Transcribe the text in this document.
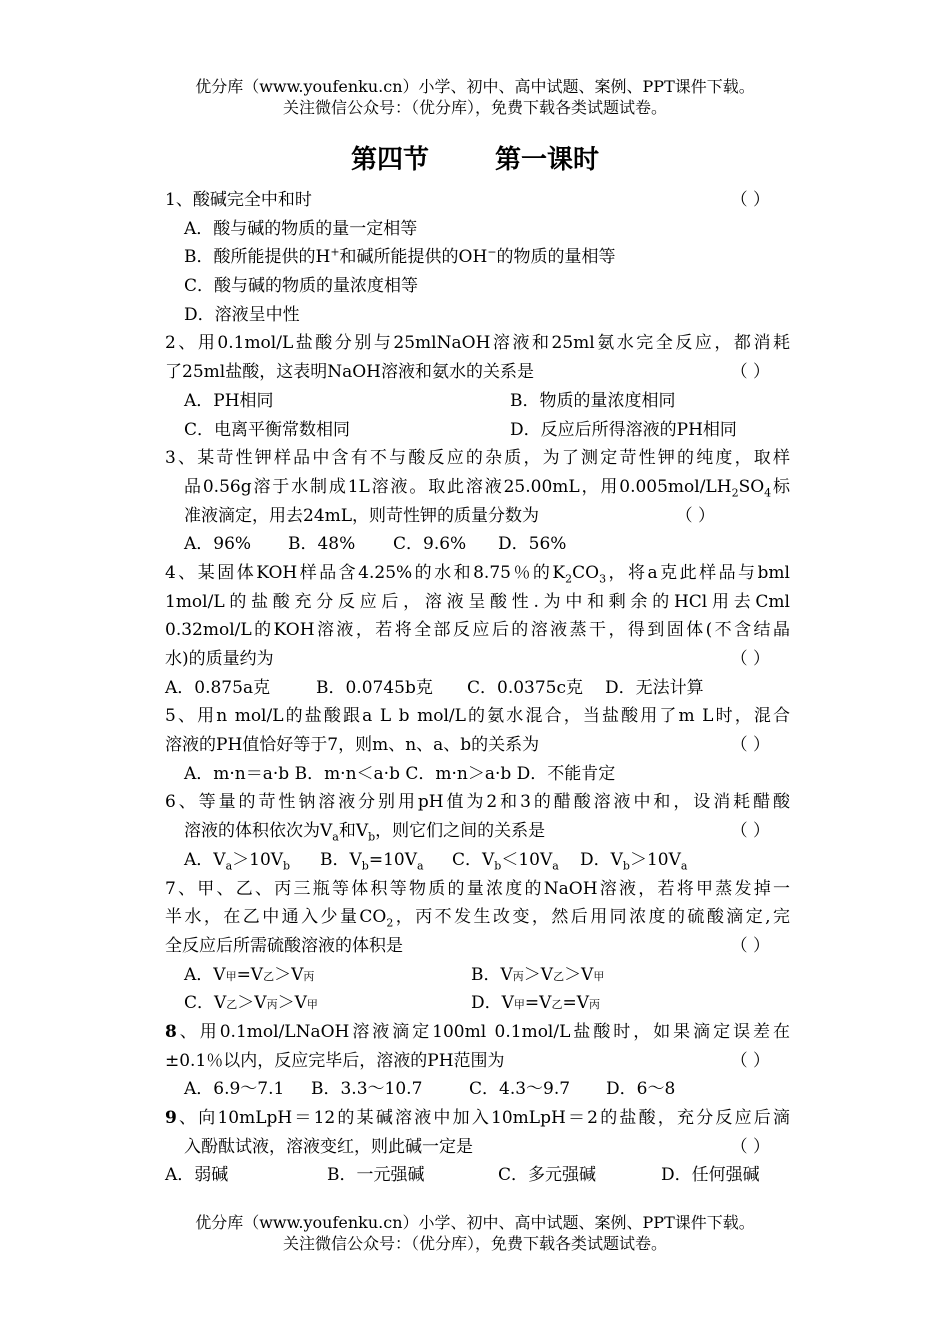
优分库（www.youfenku.cn）小学、初中、高中试题、案例、PPT课件下载。
关注微信公众号：（优分库），免费下载各类试题试卷。
第四节	第一课时
1、酸碱完全中和时	（ ）
A．酸与碱的物质的量一定相等
B．酸所能提供的H+和碱所能提供的OH−的物质的量相等
C．酸与碱的物质的量浓度相等
D．溶液呈中性
2、用0.1mol/L盐酸分别与25mlNaOH溶液和25ml氨水完全反应，都消耗
了25ml盐酸，这表明NaOH溶液和氨水的关系是	（ ）
A．PH相同	B．物质的量浓度相同
C．电离平衡常数相同	D．反应后所得溶液的PH相同
3、某苛性钾样品中含有不与酸反应的杂质，为了测定苛性钾的纯度，取样
品0.56g溶于水制成1L溶液。取此溶液25.00mL，用$0.005mol/LH_2SO_4$标
准液滴定，用去24mL，则苛性钾的质量分数为	（ ）
A．96% B．48% C．9.6% D．56%
4、某固体KOH样品含4.25%的水和8.75％的$K_2CO_3$，将a克此样品与bml
1mol/L的盐酸充分反应后，溶液呈酸性.为中和剩余的HCl用去Cml
0.32mol/L的KOH溶液，若将全部反应后的溶液蒸干，得到固体(不含结晶
水)的质量约为	（ ）
A．0.875a克	B．0.0745b克 C．0.0375c克 D．无法计算
5、用n mol/L的盐酸跟a L b mol/L的氨水混合，当盐酸用了m L时，混合
溶液的PH值恰好等于7，则m、n、a、b的关系为	（ ）
A．m·n＝a·b B．m·n＜a·b C．m·n＞a·b D．不能肯定
6、等量的苛性钠溶液分别用pH值为2和3的醋酸溶液中和，设消耗醋酸
溶液的体积依次为$V_a$和$V_b$，则它们之间的关系是	（ ）
A．$V_a>10V_b$ B．$V_b=10V_a$ C．$V_b<10V_a$ D．$V_b>10V_a$
7、甲、乙、丙三瓶等体积等物质的量浓度的NaOH溶液，若将甲蒸发掉一
半水，在乙中通入少量$CO_2$，丙不发生改变，然后用同浓度的硫酸滴定,完
全反应后所需硫酸溶液的体积是	（ ）
A．V甲=V乙＞V丙	B．V丙＞V乙＞V甲
C．V乙＞V丙＞V甲	D．V甲=V乙=V丙
8、用0.1mol/LNaOH溶液滴定100ml 0.1mol/L盐酸时，如果滴定误差在
±0.1％以内，反应完毕后，溶液的PH范围为	（ ）
A．6.9～7.1 B．3.3～10.7	C．4.3～9.7 D．6～8
9、向10mLpH＝12的某碱溶液中加入10mLpH＝2的盐酸，充分反应后滴
入酚酞试液，溶液变红，则此碱一定是	（ ）
A．弱碱	B．一元强碱	C．多元强碱	D．任何强碱
优分库（www.youfenku.cn）小学、初中、高中试题、案例、PPT课件下载。
关注微信公众号：（优分库），免费下载各类试题试卷。
